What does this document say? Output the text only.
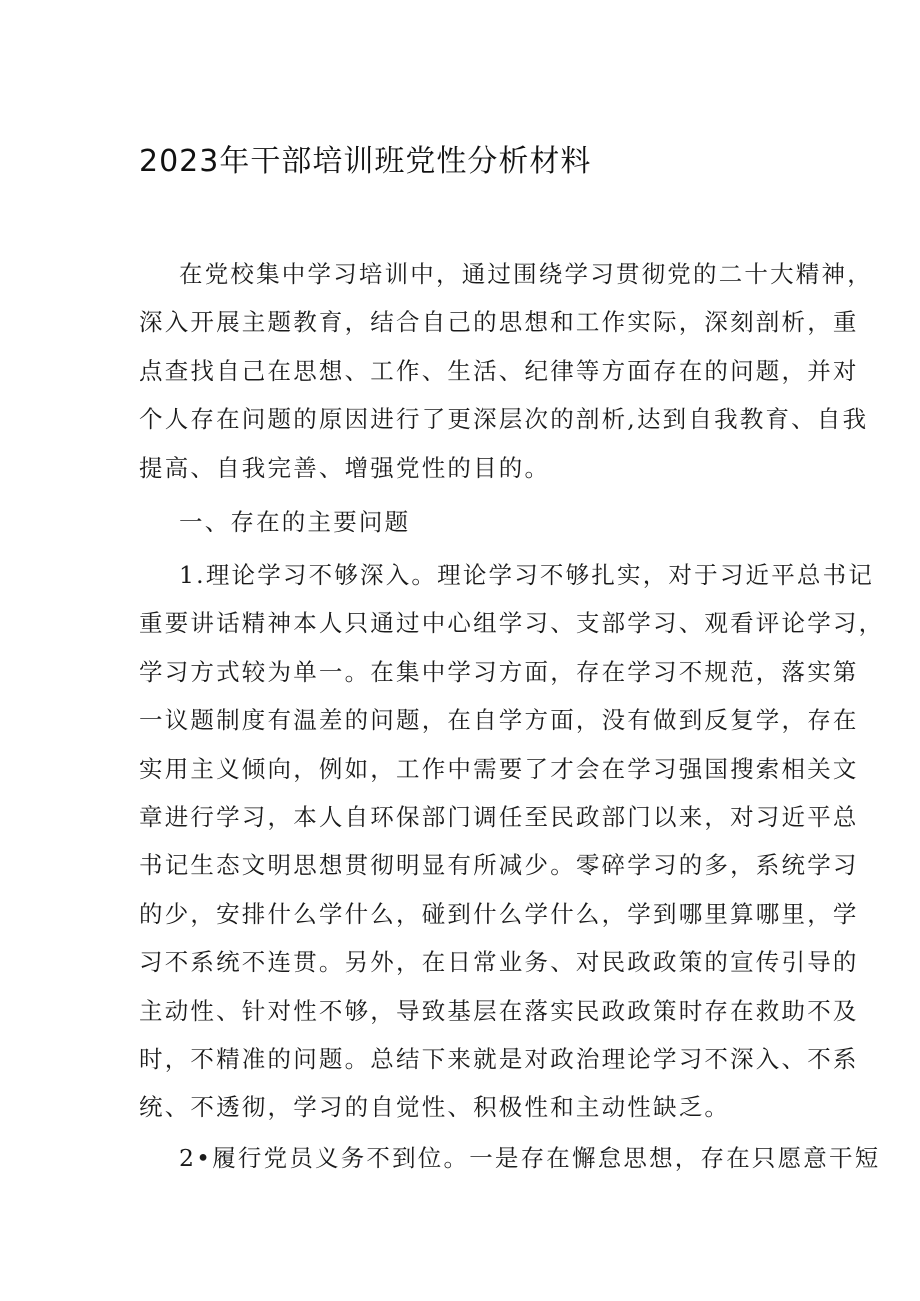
2023年干部培训班党性分析材料
在党校集中学习培训中，通过围绕学习贯彻党的二十大精神，
深入开展主题教育，结合自己的思想和工作实际，深刻剖析，重
点查找自己在思想、工作、生活、纪律等方面存在的问题，并对
个人存在问题的原因进行了更深层次的剖析,达到自我教育、自我
提高、自我完善、增强党性的目的。
一、存在的主要问题
1.理论学习不够深入。理论学习不够扎实，对于习近平总书记
重要讲话精神本人只通过中心组学习、支部学习、观看评论学习，
学习方式较为单一。在集中学习方面，存在学习不规范，落实第
一议题制度有温差的问题，在自学方面，没有做到反复学，存在
实用主义倾向，例如，工作中需要了才会在学习强国搜索相关文
章进行学习，本人自环保部门调任至民政部门以来，对习近平总
书记生态文明思想贯彻明显有所减少。零碎学习的多，系统学习
的少，安排什么学什么，碰到什么学什么，学到哪里算哪里，学
习不系统不连贯。另外，在日常业务、对民政政策的宣传引导的
主动性、针对性不够，导致基层在落实民政政策时存在救助不及
时，不精准的问题。总结下来就是对政治理论学习不深入、不系
统、不透彻，学习的自觉性、积极性和主动性缺乏。
2•履行党员义务不到位。一是存在懈怠思想，存在只愿意干短
